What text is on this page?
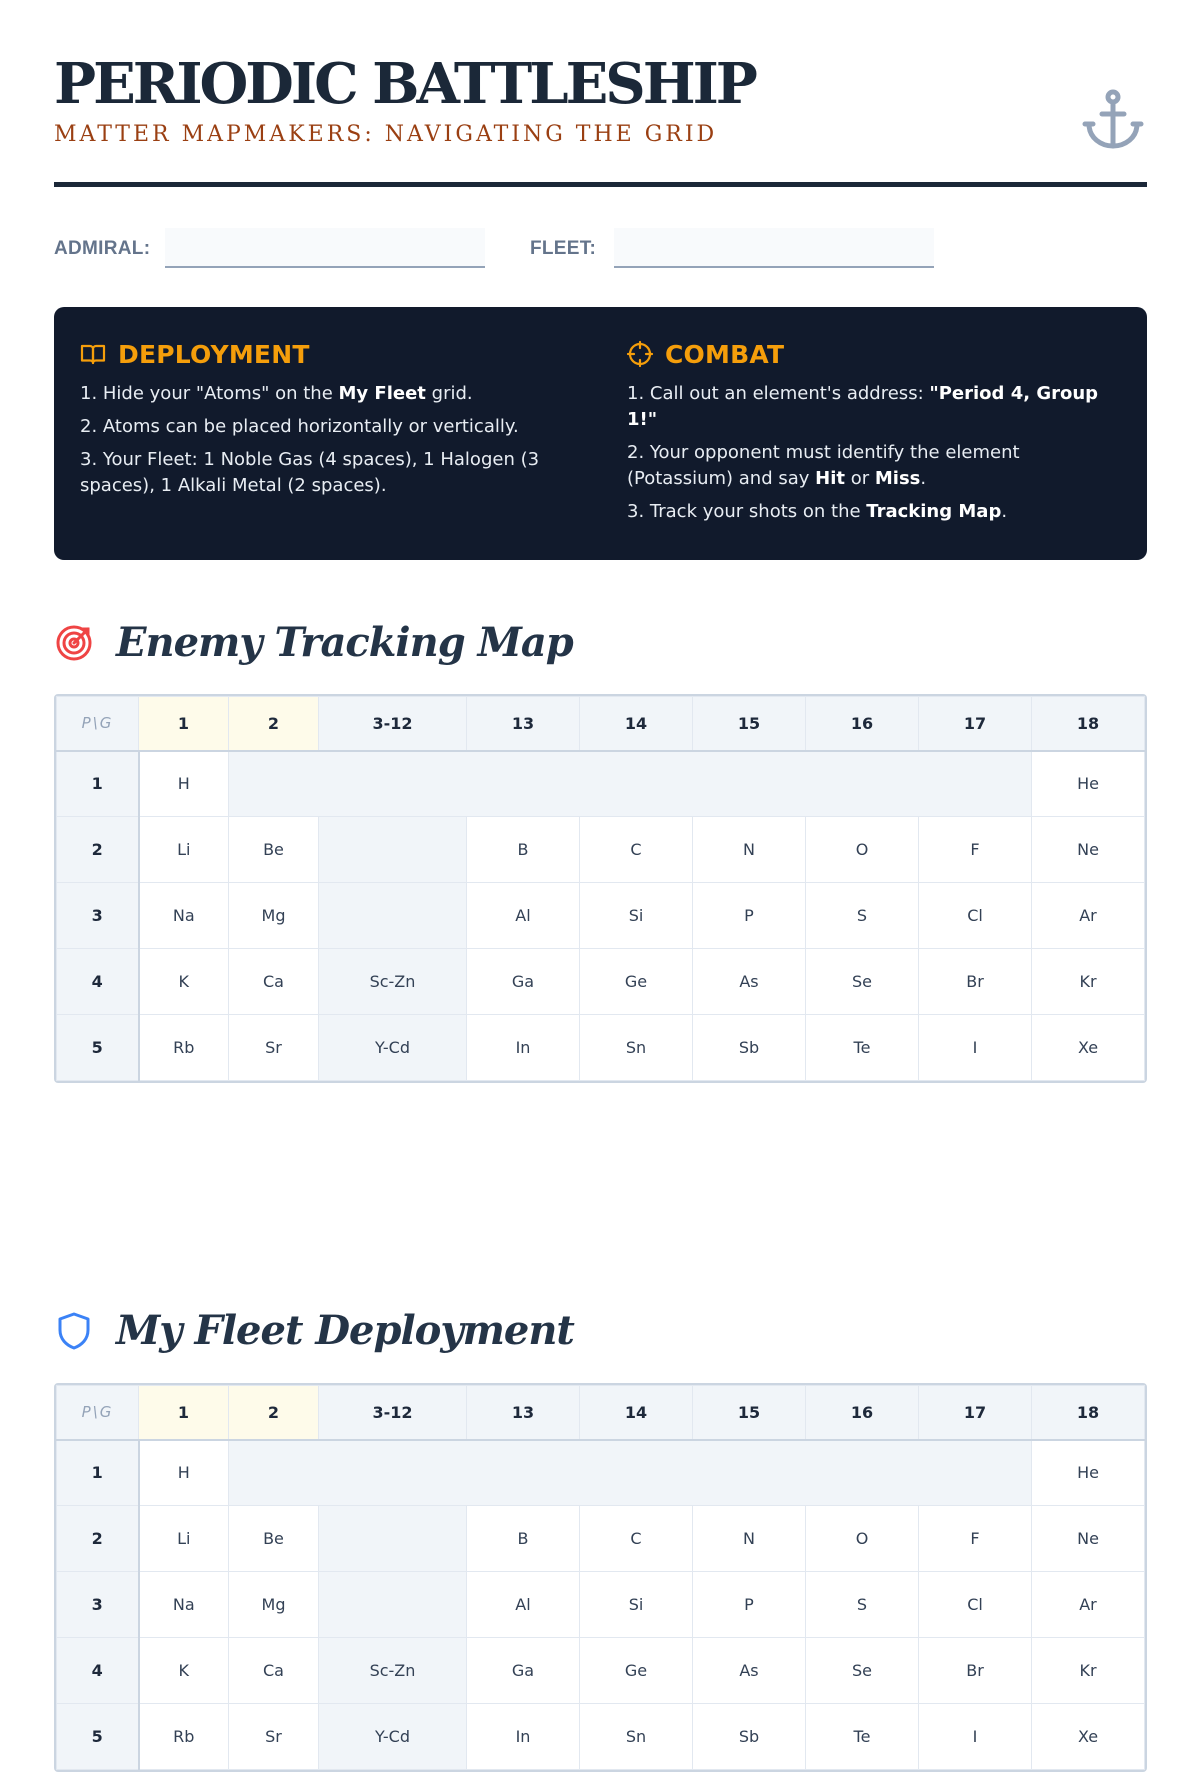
PERIODIC BATTLESHIP
MATTER MAPMAKERS: NAVIGATING THE GRID
ADMIRAL:	FLEET:
DEPLOYMENT
1. Hide your "Atoms" on the My Fleet grid.
2. Atoms can be placed horizontally or vertically.
3. Your Fleet: 1 Noble Gas (4 spaces), 1 Halogen (3 spaces), 1 Alkali Metal (2 spaces).
COMBAT
1. Call out an element's address: "Period 4, Group 1!"
2. Your opponent must identify the element (Potassium) and say Hit or Miss.
3. Track your shots on the Tracking Map.
Enemy Tracking Map
P\G	1	2	3-12	13	14	15	16	17	18
1	H								He
2	Li	Be		B	C	N	O	F	Ne
3	Na	Mg		Al	Si	P	S	Cl	Ar
4	K	Ca	Sc-Zn	Ga	Ge	As	Se	Br	Kr
5	Rb	Sr	Y-Cd	In	Sn	Sb	Te	I	Xe
My Fleet Deployment
P\G	1	2	3-12	13	14	15	16	17	18
1	H								He
2	Li	Be		B	C	N	O	F	Ne
3	Na	Mg		Al	Si	P	S	Cl	Ar
4	K	Ca	Sc-Zn	Ga	Ge	As	Se	Br	Kr
5	Rb	Sr	Y-Cd	In	Sn	Sb	Te	I	Xe
